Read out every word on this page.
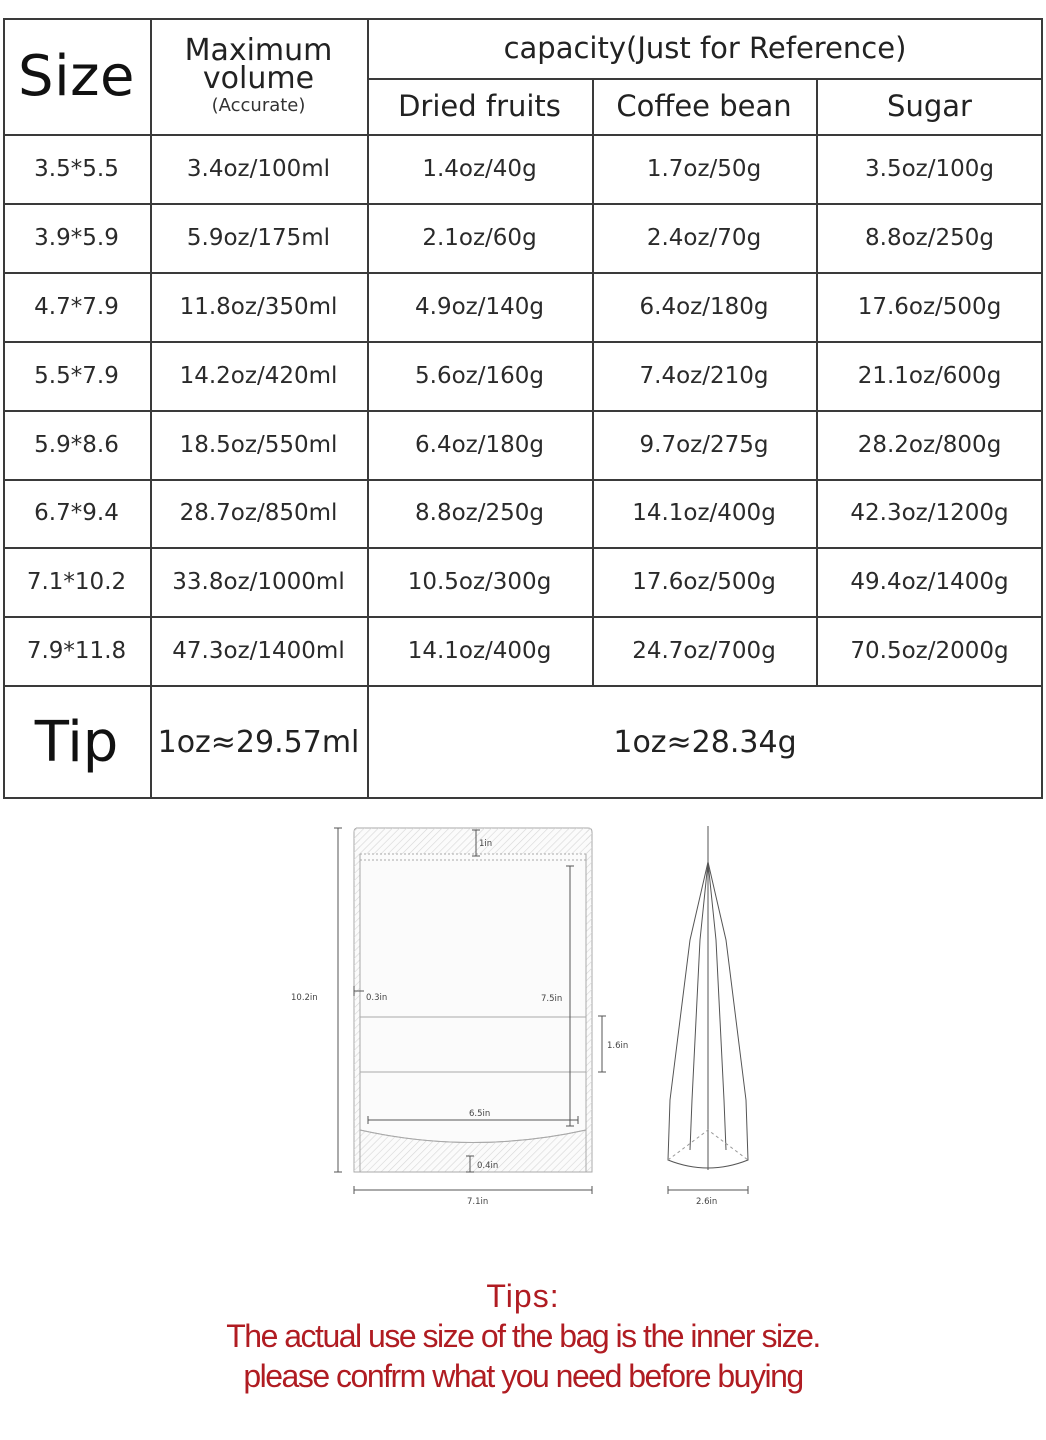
Size	Maximum
volume
(Accurate)
capacity(Just for Reference)
Dried fruits	Coffee bean	Sugar
3.5*5.5	3.4oz/100ml	1.4oz/40g	1.7oz/50g	3.5oz/100g
3.9*5.9	5.9oz/175ml	2.1oz/60g	2.4oz/70g	8.8oz/250g
4.7*7.9	11.8oz/350ml	4.9oz/140g	6.4oz/180g	17.6oz/500g
5.5*7.9	14.2oz/420ml	5.6oz/160g	7.4oz/210g	21.1oz/600g
5.9*8.6	18.5oz/550ml	6.4oz/180g	9.7oz/275g	28.2oz/800g
6.7*9.4	28.7oz/850ml	8.8oz/250g	14.1oz/400g	42.3oz/1200g
7.1*10.2	33.8oz/1000ml	10.5oz/300g	17.6oz/500g	49.4oz/1400g
7.9*11.8	47.3oz/1400ml	14.1oz/400g	24.7oz/700g	70.5oz/2000g
Tip	1oz≈29.57ml	1oz≈28.34g
10.2in
1in
0.3in	7.5in
1.6in
6.5in
0.4in
7.1in	2.6in
Tips:
The actual use size of the bag is the inner size.
please confrm what you need before buying
